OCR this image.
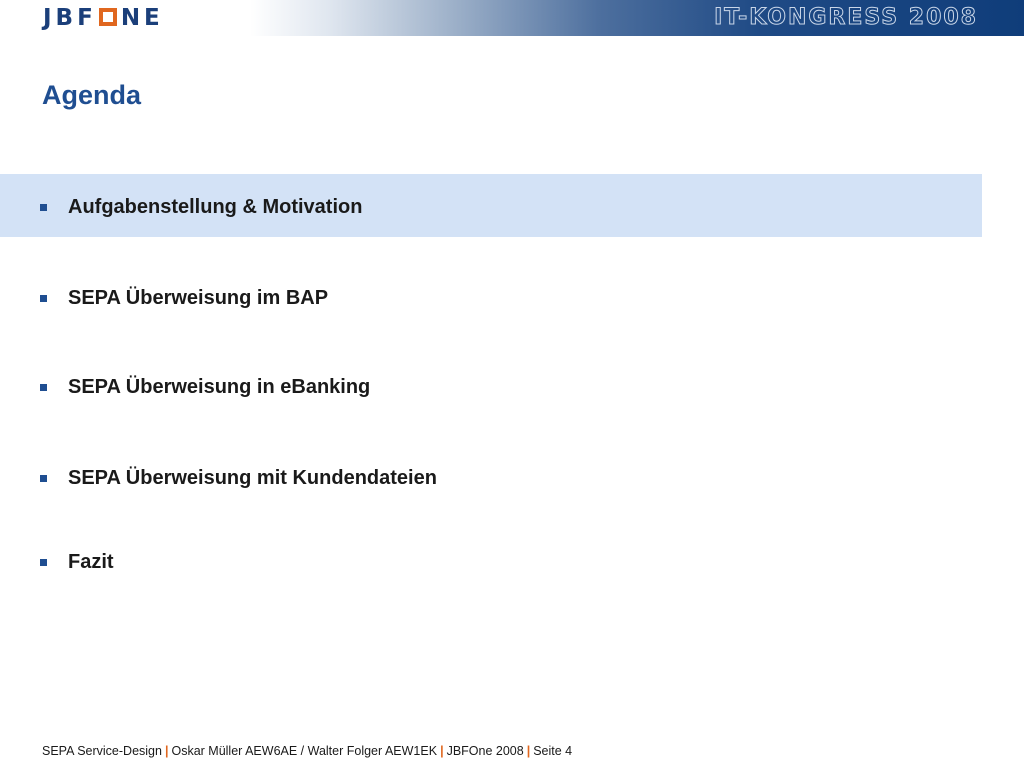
JBF NE	IT-KONGRESS 2008
Agenda
Aufgabenstellung & Motivation
SEPA Überweisung im BAP
SEPA Überweisung in eBanking
SEPA Überweisung mit Kundendateien
Fazit
SEPA Service-Design | Oskar Müller AEW6AE / Walter Folger AEW1EK | JBFOne 2008 | Seite 4
